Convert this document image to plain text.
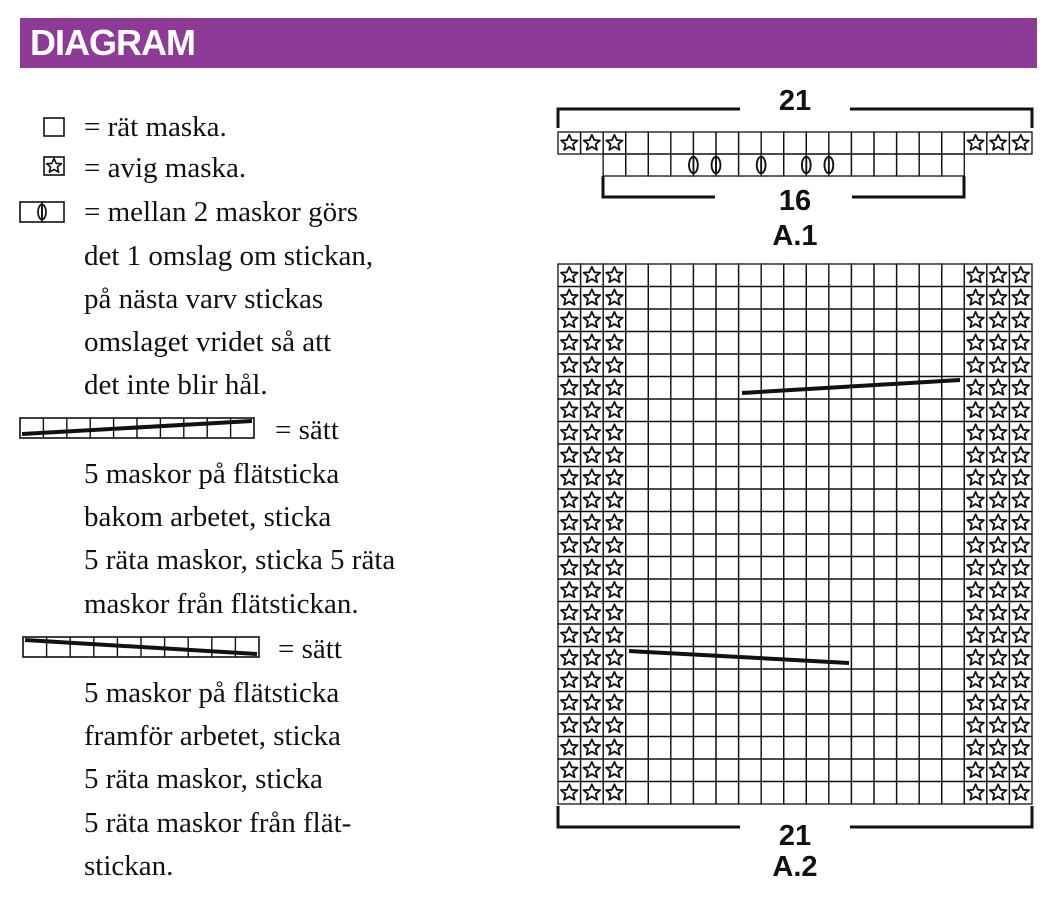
DIAGRAM
= rät maska.
= avig maska.
= mellan 2 maskor görs
det 1 omslag om stickan,
på nästa varv stickas
omslaget vridet så att
det inte blir hål.
= sätt
5 maskor på flätsticka
bakom arbetet, sticka
5 räta maskor, sticka 5 räta
maskor från flätstickan.
= sätt
5 maskor på flätsticka
framför arbetet, sticka
5 räta maskor, sticka
5 räta maskor från flät-
stickan.
21
16
A.1
21
A.2
